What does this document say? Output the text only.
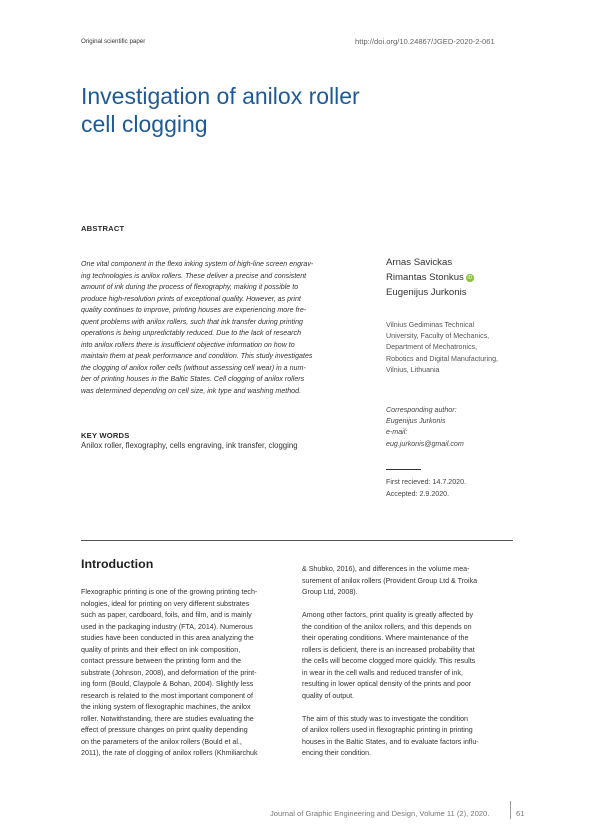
Original scientific paper	http://doi.org/10.24867/JGED-2020-2-061
Investigation of anilox roller
cell clogging
ABSTRACT
One vital component in the flexo inking system of high-line screen engrav-
ing technologies is anilox rollers. These deliver a precise and consistent
amount of ink during the process of flexography, making it possible to
produce high-resolution prints of exceptional quality. However, as print
quality continues to improve, printing houses are experiencing more fre-
quent problems with anilox rollers, such that ink transfer during printing
operations is being unpredictably reduced. Due to the lack of research
into anilox rollers there is insufficient objective information on how to
maintain them at peak performance and condition. This study investigates
the clogging of anilox roller cells (without assessing cell wear) in a num-
ber of printing houses in the Baltic States. Cell clogging of anilox rollers
was determined depending on cell size, ink type and washing method.
Arnas Savickas
Rimantas Stonkus iD
Eugenijus Jurkonis
Vilnius Gediminas Technical
University, Faculty of Mechanics,
Department of Mechatronics,
Robotics and Digital Manufacturing,
Vilnius, Lithuania
Corresponding author:
Eugenijus Jurkonis
e-mail:
eug.jurkonis@gmail.com
First recieved: 14.7.2020.
Accepted: 2.9.2020.
KEY WORDS
Anilox roller, flexography, cells engraving, ink transfer, clogging
Introduction
Flexographic printing is one of the growing printing tech-
nologies, ideal for printing on very different substrates
such as paper, cardboard, foils, and film, and is mainly
used in the packaging industry (FTA, 2014). Numerous
studies have been conducted in this area analyzing the
quality of prints and their effect on ink composition,
contact pressure between the printing form and the
substrate (Johnson, 2008), and deformation of the print-
ing form (Bould, Claypole & Bohan, 2004). Slightly less
research is related to the most important component of
the inking system of flexographic machines, the anilox
roller. Notwithstanding, there are studies evaluating the
effect of pressure changes on print quality depending
on the parameters of the anilox rollers (Bould et al.,
2011), the rate of clogging of anilox rollers (Khmiliarchuk
& Shubko, 2016), and differences in the volume mea-
surement of anilox rollers (Provident Group Ltd & Troika
Group Ltd, 2008).
Among other factors, print quality is greatly affected by
the condition of the anilox rollers, and this depends on
their operating conditions. Where maintenance of the
rollers is deficient, there is an increased probability that
the cells will become clogged more quickly. This results
in wear in the cell walls and reduced transfer of ink,
resulting in lower optical density of the prints and poor
quality of output.
The aim of this study was to investigate the condition
of anilox rollers used in flexographic printing in printing
houses in the Baltic States, and to evaluate factors influ-
encing their condition.
Journal of Graphic Engineering and Design, Volume 11 (2), 2020.	61
